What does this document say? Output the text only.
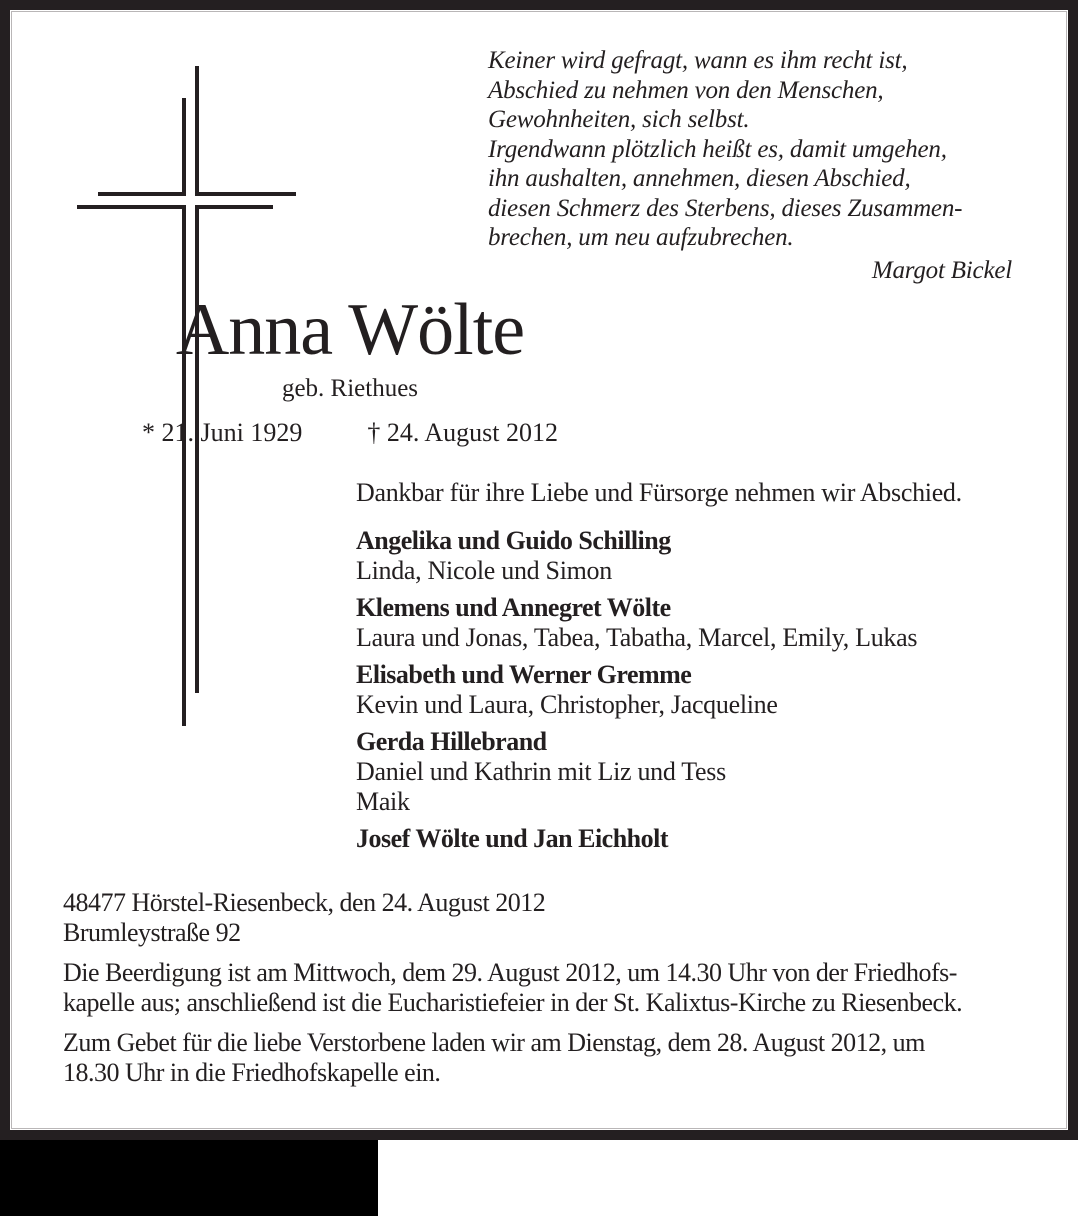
Keiner wird gefragt, wann es ihm recht ist,
Abschied zu nehmen von den Menschen,
Gewohnheiten, sich selbst.
Irgendwann plötzlich heißt es, damit umgehen,
ihn aushalten, annehmen, diesen Abschied,
diesen Schmerz des Sterbens, dieses Zusammen-
brechen, um neu aufzubrechen.
Margot Bickel
Anna Wölte
geb. Riethues
* 21. Juni 1929	† 24. August 2012
Dankbar für ihre Liebe und Fürsorge nehmen wir Abschied.
Angelika und Guido Schilling
Linda, Nicole und Simon
Klemens und Annegret Wölte
Laura und Jonas, Tabea, Tabatha, Marcel, Emily, Lukas
Elisabeth und Werner Gremme
Kevin und Laura, Christopher, Jacqueline
Gerda Hillebrand
Daniel und Kathrin mit Liz und Tess
Maik
Josef Wölte und Jan Eichholt
48477 Hörstel-Riesenbeck, den 24. August 2012
Brumleystraße 92
Die Beerdigung ist am Mittwoch, dem 29. August 2012, um 14.30 Uhr von der Friedhofs-
kapelle aus; anschließend ist die Eucharistiefeier in der St. Kalixtus-Kirche zu Riesenbeck.
Zum Gebet für die liebe Verstorbene laden wir am Dienstag, dem 28. August 2012, um
18.30 Uhr in die Friedhofskapelle ein.
